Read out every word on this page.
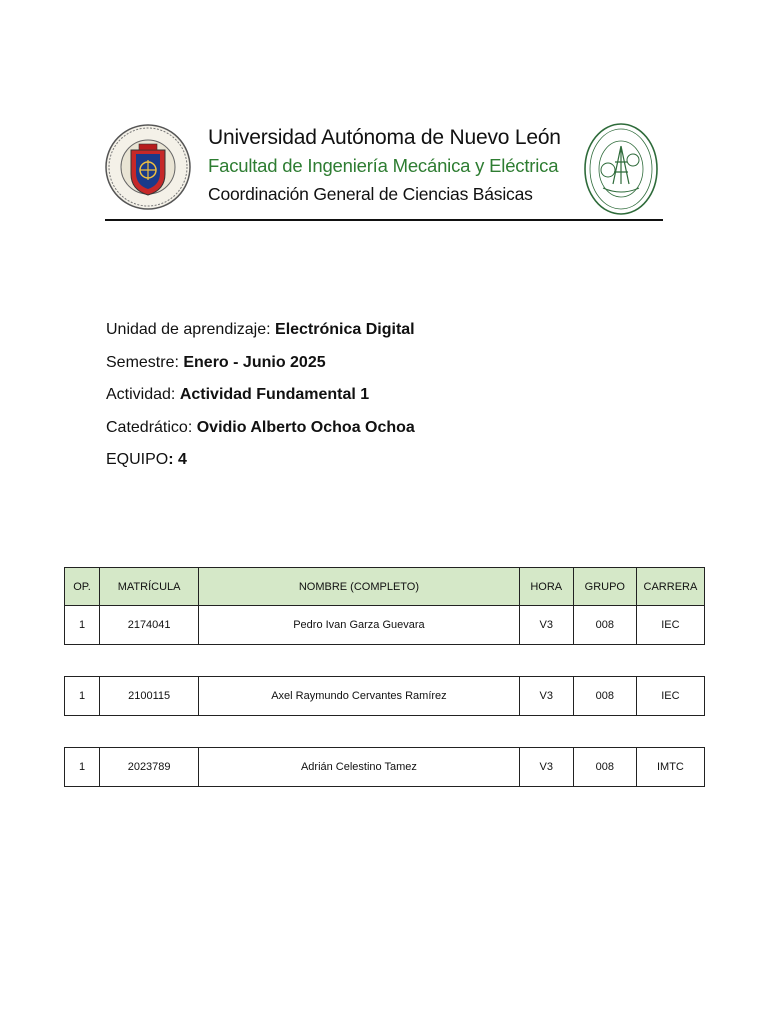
Universidad Autónoma de Nuevo León
Facultad de Ingeniería Mecánica y Eléctrica
Coordinación General de Ciencias Básicas
Unidad de aprendizaje: Electrónica Digital
Semestre: Enero - Junio 2025
Actividad: Actividad Fundamental 1
Catedrático: Ovidio Alberto Ochoa Ochoa
EQUIPO: 4
OP.	MATRÍCULA	NOMBRE (COMPLETO)	HORA	GRUPO	CARRERA
1	2174041	Pedro Ivan Garza Guevara	V3	008	IEC
1	2100115	Axel Raymundo Cervantes Ramírez	V3	008	IEC
1	2023789	Adrián Celestino Tamez	V3	008	IMTC
